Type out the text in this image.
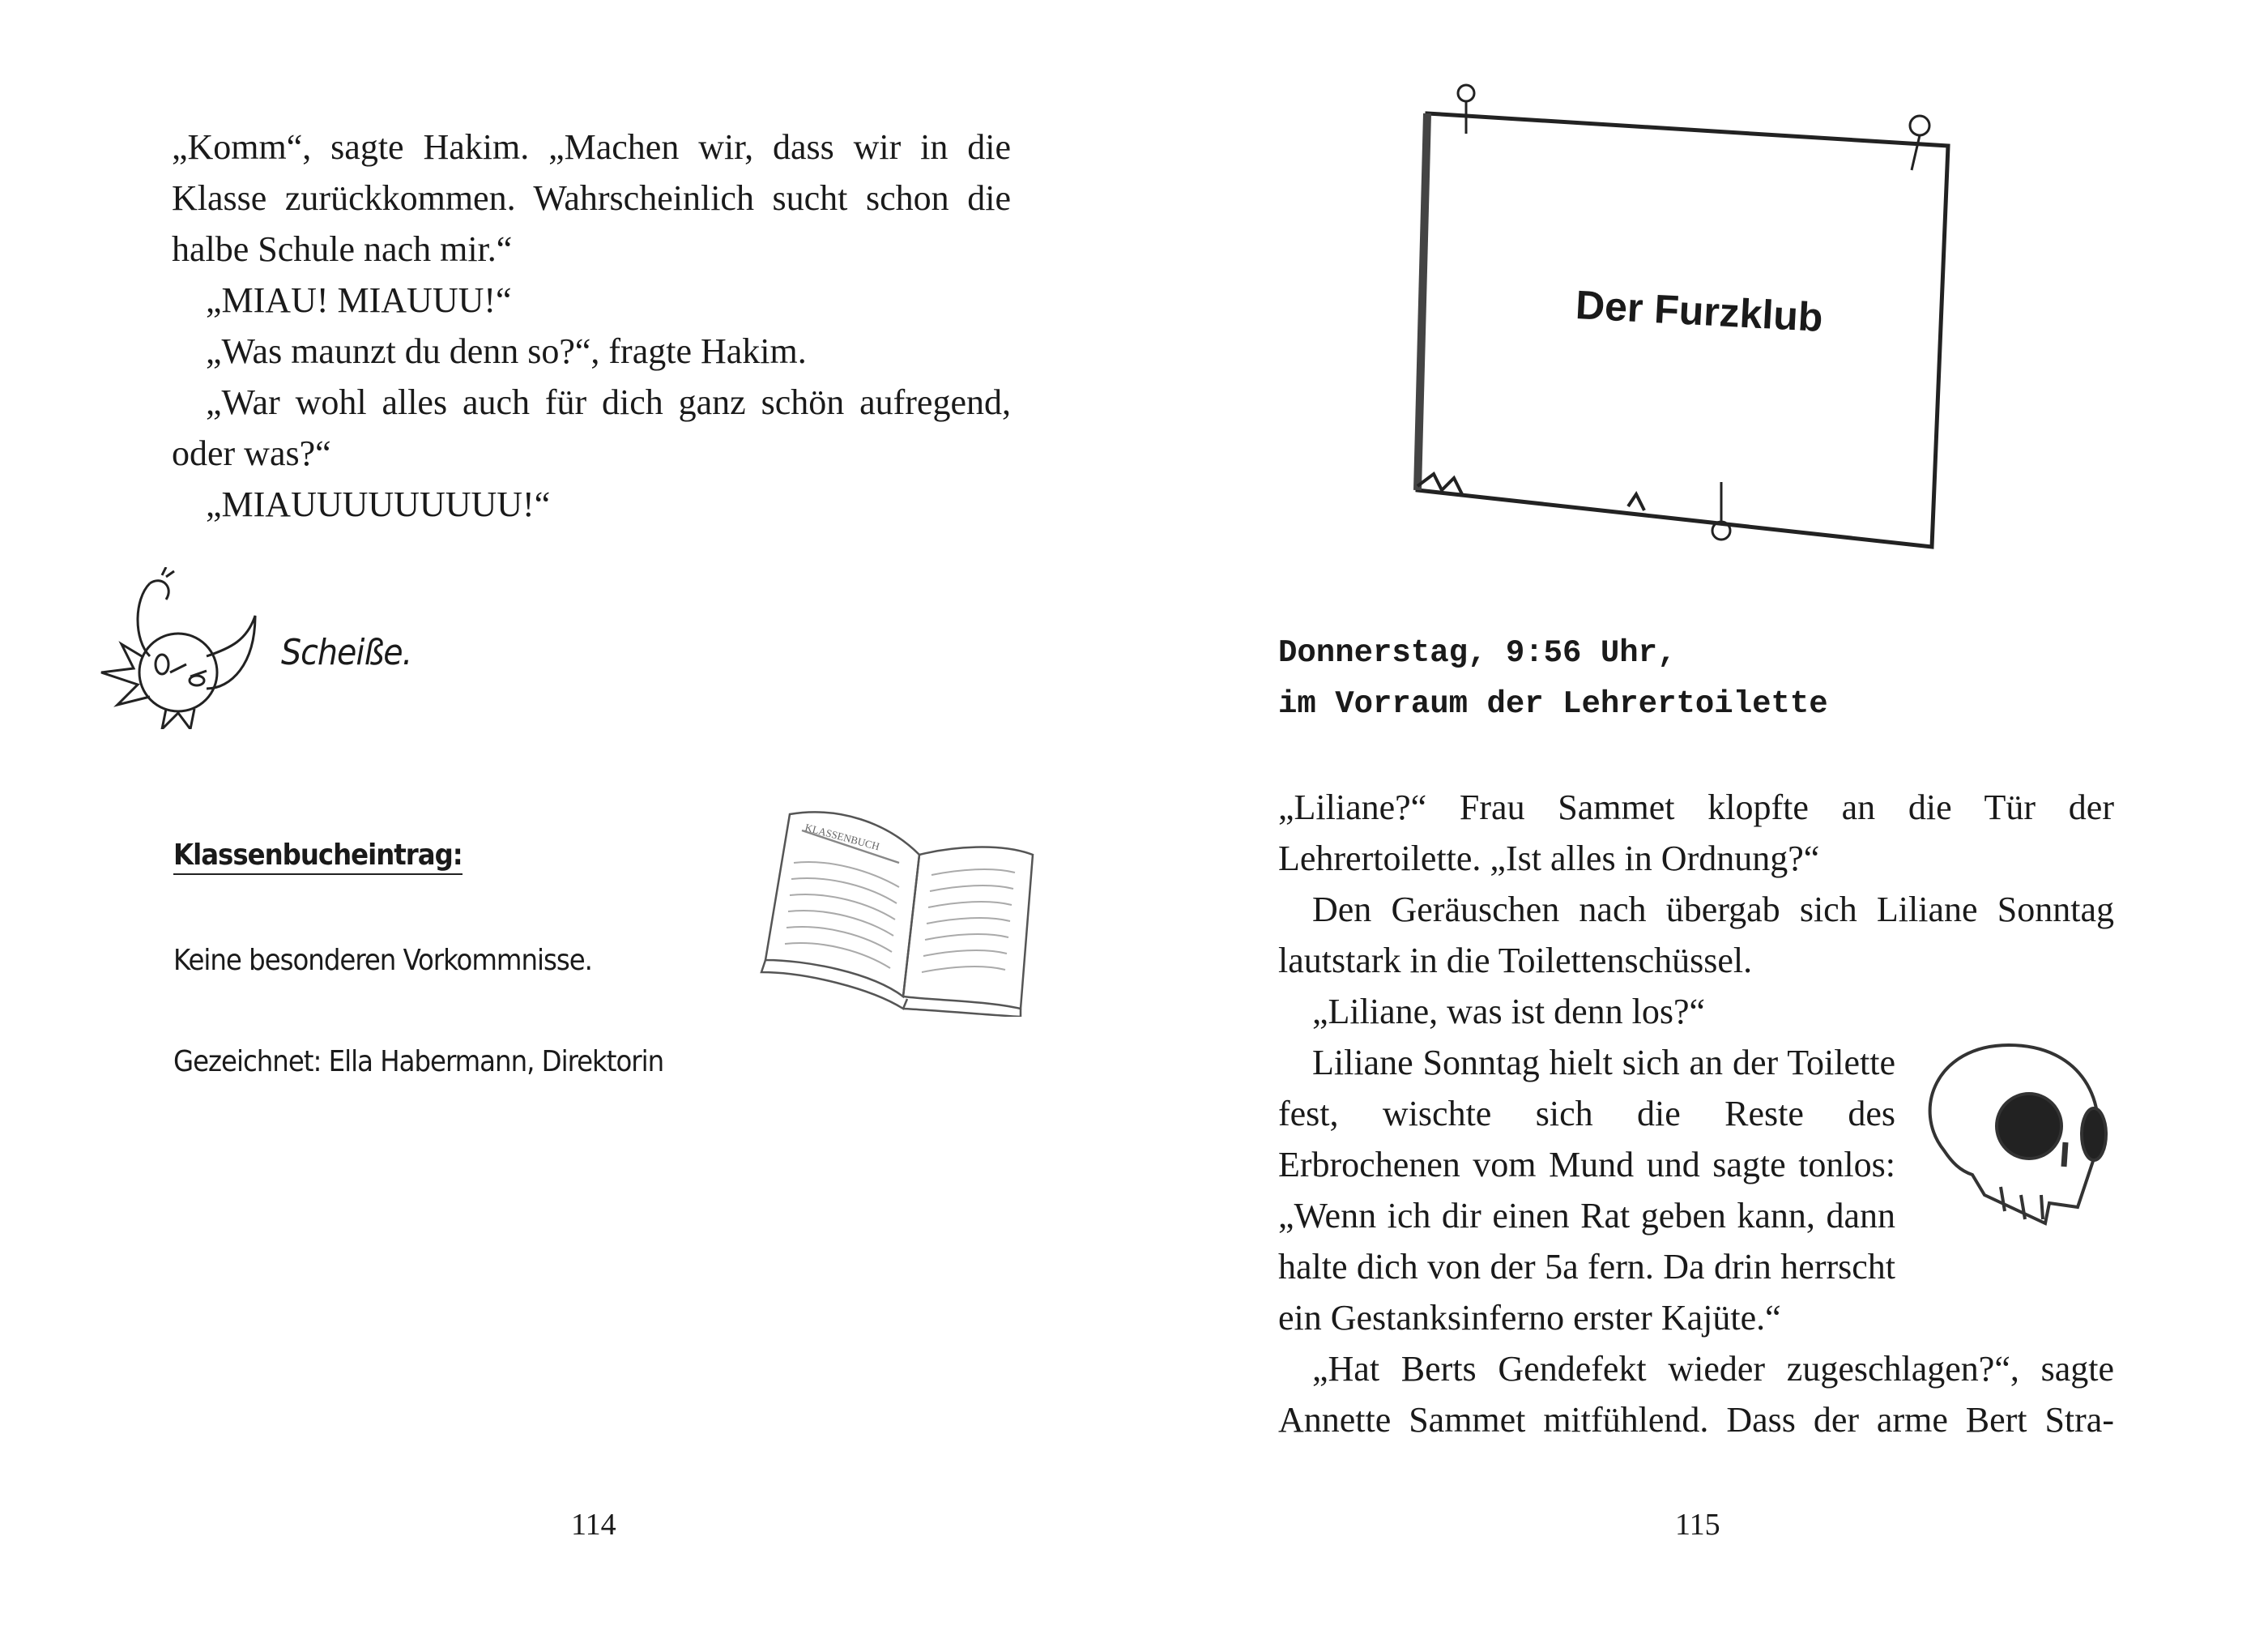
„Komm“, sagte Hakim. „Machen wir, dass wir in die Klasse zurückkommen. Wahrscheinlich sucht schon die halbe Schule nach mir.“

„MIAU! MIAUUU!“

„Was maunzt du denn so?“, fragte Hakim.

„War wohl alles auch für dich ganz schön aufregend, oder was?“

„MIAUUUUUUUUU!“

Scheiße.
Klassenbucheintrag:
Keine besonderen Vorkommnisse.
Gezeichnet: Ella Habermann, Direktorin
KLASSENBUCH
114
Der Furzklub
Donnerstag, 9:56 Uhr,
im Vorraum der Lehrertoilette

„Liliane?“ Frau Sammet klopfte an die Tür der Lehrertoilette. „Ist alles in Ordnung?“

Den Geräuschen nach übergab sich Liliane Sonntag lautstark in die Toilettenschüssel.

„Liliane, was ist denn los?“

Liliane Sonntag hielt sich an der Toilette fest, wischte sich die Reste des Erbrochenen vom Mund und sagte tonlos: „Wenn ich dir einen Rat geben kann, dann halte dich von der 5a fern. Da drin herrscht ein Gestanksinferno erster Kajüte.“

„Hat Berts Gendefekt wieder zugeschlagen?“, sagte Annette Sammet mitfühlend. Dass der arme Bert Stra-

115
